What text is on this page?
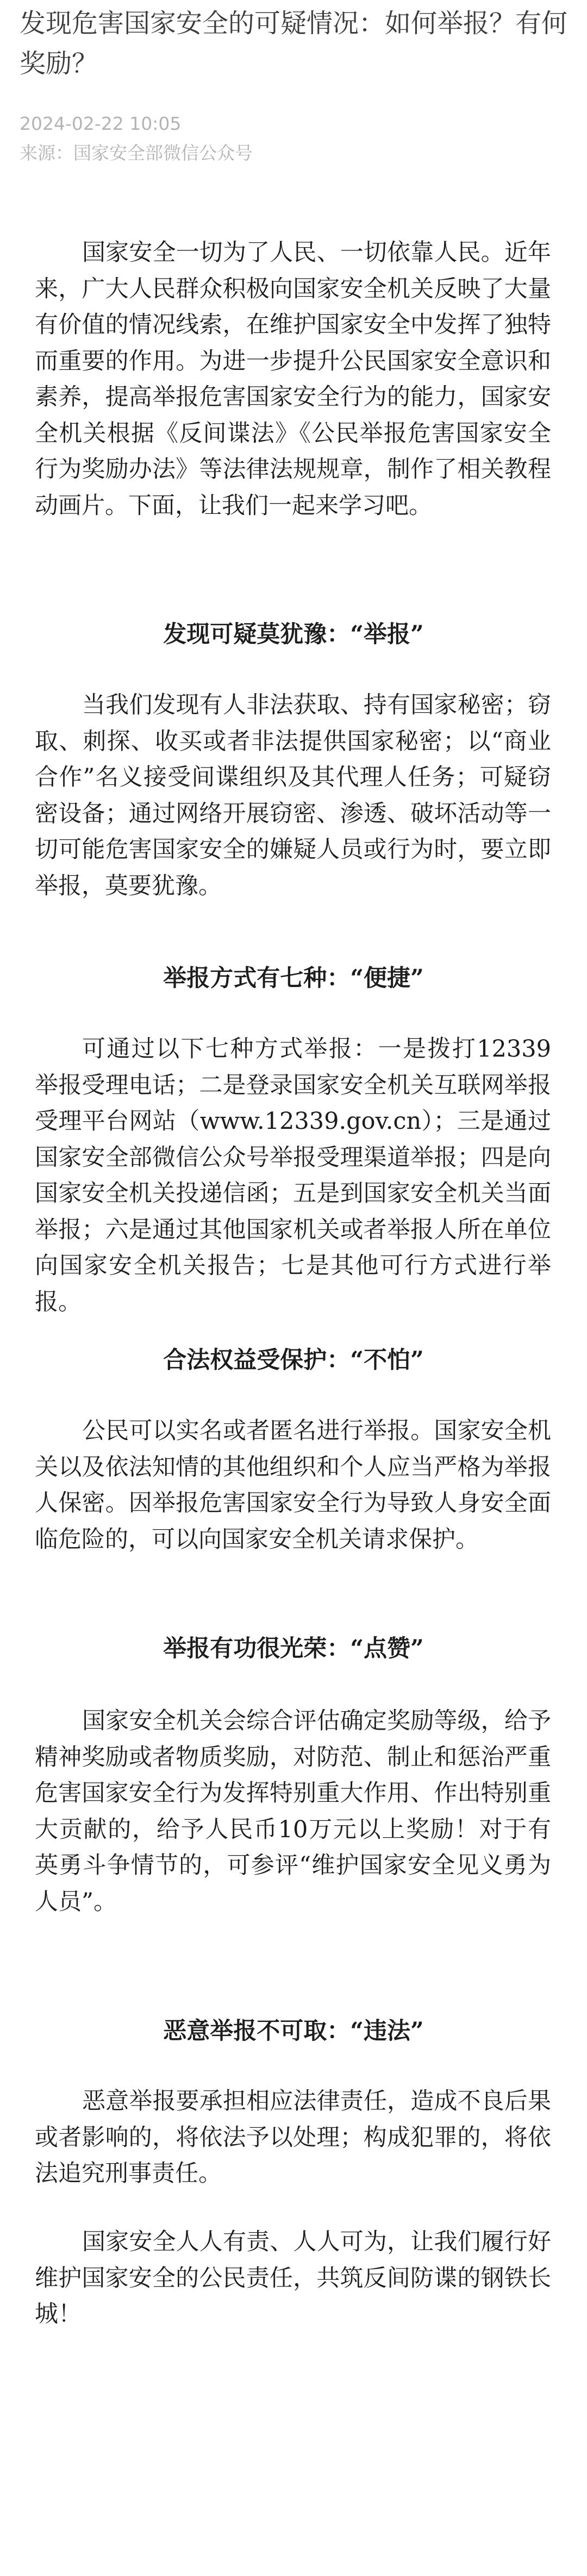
发现危害国家安全的可疑情况：如何举报？有何奖励？
2024-02-22 10:05
来源：国家安全部微信公众号

国家安全一切为了人民、一切依靠人民。近年来，广大人民群众积极向国家安全机关反映了大量有价值的情况线索，在维护国家安全中发挥了独特而重要的作用。为进一步提升公民国家安全意识和素养，提高举报危害国家安全行为的能力，国家安全机关根据《反间谍法》《公民举报危害国家安全行为奖励办法》等法律法规规章，制作了相关教程动画片。下面，让我们一起来学习吧。

发现可疑莫犹豫：“举报”

当我们发现有人非法获取、持有国家秘密；窃取、刺探、收买或者非法提供国家秘密；以“商业合作”名义接受间谍组织及其代理人任务；可疑窃密设备；通过网络开展窃密、渗透、破坏活动等一切可能危害国家安全的嫌疑人员或行为时，要立即举报，莫要犹豫。

举报方式有七种：“便捷”

可通过以下七种方式举报：一是拨打12339举报受理电话；二是登录国家安全机关互联网举报受理平台网站（www.12339.gov.cn）；三是通过国家安全部微信公众号举报受理渠道举报；四是向国家安全机关投递信函；五是到国家安全机关当面举报；六是通过其他国家机关或者举报人所在单位向国家安全机关报告；七是其他可行方式进行举报。

合法权益受保护：“不怕”

公民可以实名或者匿名进行举报。国家安全机关以及依法知情的其他组织和个人应当严格为举报人保密。因举报危害国家安全行为导致人身安全面临危险的，可以向国家安全机关请求保护。

举报有功很光荣：“点赞”

国家安全机关会综合评估确定奖励等级，给予精神奖励或者物质奖励，对防范、制止和惩治严重危害国家安全行为发挥特别重大作用、作出特别重大贡献的，给予人民币10万元以上奖励！对于有英勇斗争情节的，可参评“维护国家安全见义勇为人员”。

恶意举报不可取：“违法”

恶意举报要承担相应法律责任，造成不良后果或者影响的，将依法予以处理；构成犯罪的，将依法追究刑事责任。

国家安全人人有责、人人可为，让我们履行好维护国家安全的公民责任，共筑反间防谍的钢铁长城！
